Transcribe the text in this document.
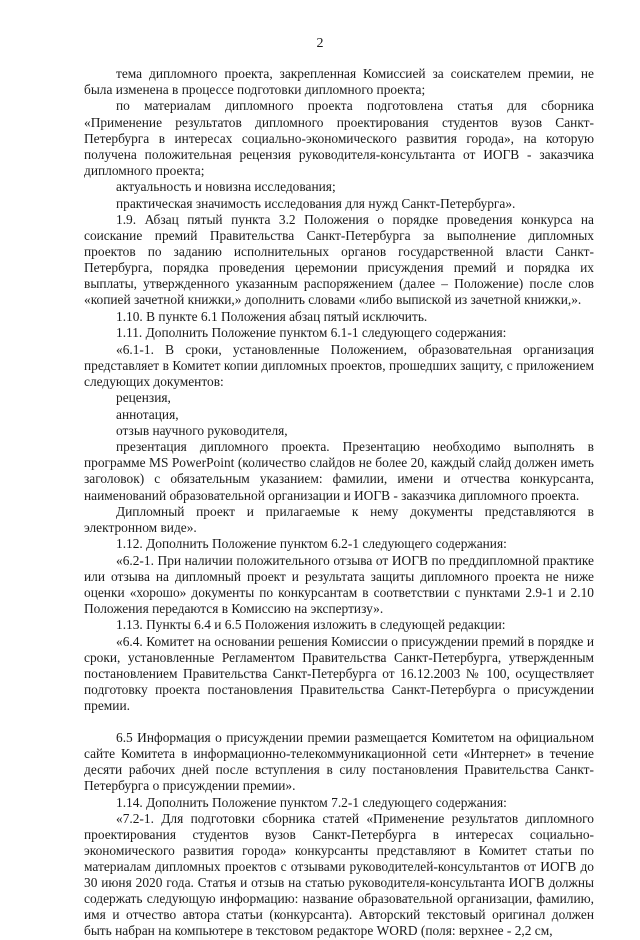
2

тема дипломного проекта, закрепленная Комиссией за соискателем премии, не была изменена в процессе подготовки дипломного проекта;

по материалам дипломного проекта подготовлена статья для сборника «Применение результатов дипломного проектирования студентов вузов Санкт-Петербурга в интересах социально-экономического развития города», на которую получена положительная рецензия руководителя-консультанта от ИОГВ - заказчика дипломного проекта;

актуальность и новизна исследования;

практическая значимость исследования для нужд Санкт-Петербурга».

1.9. Абзац пятый пункта 3.2 Положения о порядке проведения конкурса на соискание премий Правительства Санкт-Петербурга за выполнение дипломных проектов по заданию исполнительных органов государственной власти Санкт-Петербурга, порядка проведения церемонии присуждения премий и порядка их выплаты, утвержденного указанным распоряжением (далее – Положение) после слов «копией зачетной книжки,» дополнить словами «либо выпиской из зачетной книжки,».

1.10. В пункте 6.1 Положения абзац пятый исключить.

1.11. Дополнить Положение пунктом 6.1-1 следующего содержания:

«6.1-1. В сроки, установленные Положением, образовательная организация представляет в Комитет копии дипломных проектов, прошедших защиту, с приложением следующих документов:

рецензия,

аннотация,

отзыв научного руководителя,

презентация дипломного проекта. Презентацию необходимо выполнять в программе MS PowerPoint (количество слайдов не более 20, каждый слайд должен иметь заголовок) с обязательным указанием: фамилии, имени и отчества конкурсанта, наименований образовательной организации и ИОГВ - заказчика дипломного проекта.

Дипломный проект и прилагаемые к нему документы представляются в электронном виде».

1.12. Дополнить Положение пунктом 6.2-1 следующего содержания:

«6.2-1. При наличии положительного отзыва от ИОГВ по преддипломной практике или отзыва на дипломный проект и результата защиты дипломного проекта не ниже оценки «хорошо» документы по конкурсантам в соответствии с пунктами 2.9-1 и 2.10 Положения передаются в Комиссию на экспертизу».

1.13. Пункты 6.4 и 6.5 Положения изложить в следующей редакции:

«6.4. Комитет на основании решения Комиссии о присуждении премий в порядке и сроки, установленные Регламентом Правительства Санкт-Петербурга, утвержденным постановлением Правительства Санкт-Петербурга от 16.12.2003 № 100, осуществляет подготовку проекта постановления Правительства Санкт-Петербурга о присуждении премии.

6.5 Информация о присуждении премии размещается Комитетом на официальном сайте Комитета в информационно-телекоммуникационной сети «Интернет» в течение десяти рабочих дней после вступления в силу постановления Правительства Санкт-Петербурга о присуждении премии».

1.14. Дополнить Положение пунктом 7.2-1 следующего содержания:

«7.2-1. Для подготовки сборника статей «Применение результатов дипломного проектирования студентов вузов Санкт-Петербурга в интересах социально-экономического развития города» конкурсанты представляют в Комитет статьи по материалам дипломных проектов с отзывами руководителей-консультантов от ИОГВ до 30 июня 2020 года. Статья и отзыв на статью руководителя-консультанта ИОГВ должны содержать следующую информацию: название образовательной организации, фамилию, имя и отчество автора статьи (конкурсанта). Авторский текстовый оригинал должен быть набран на компьютере в текстовом редакторе WORD (поля: верхнее - 2,2 см,
